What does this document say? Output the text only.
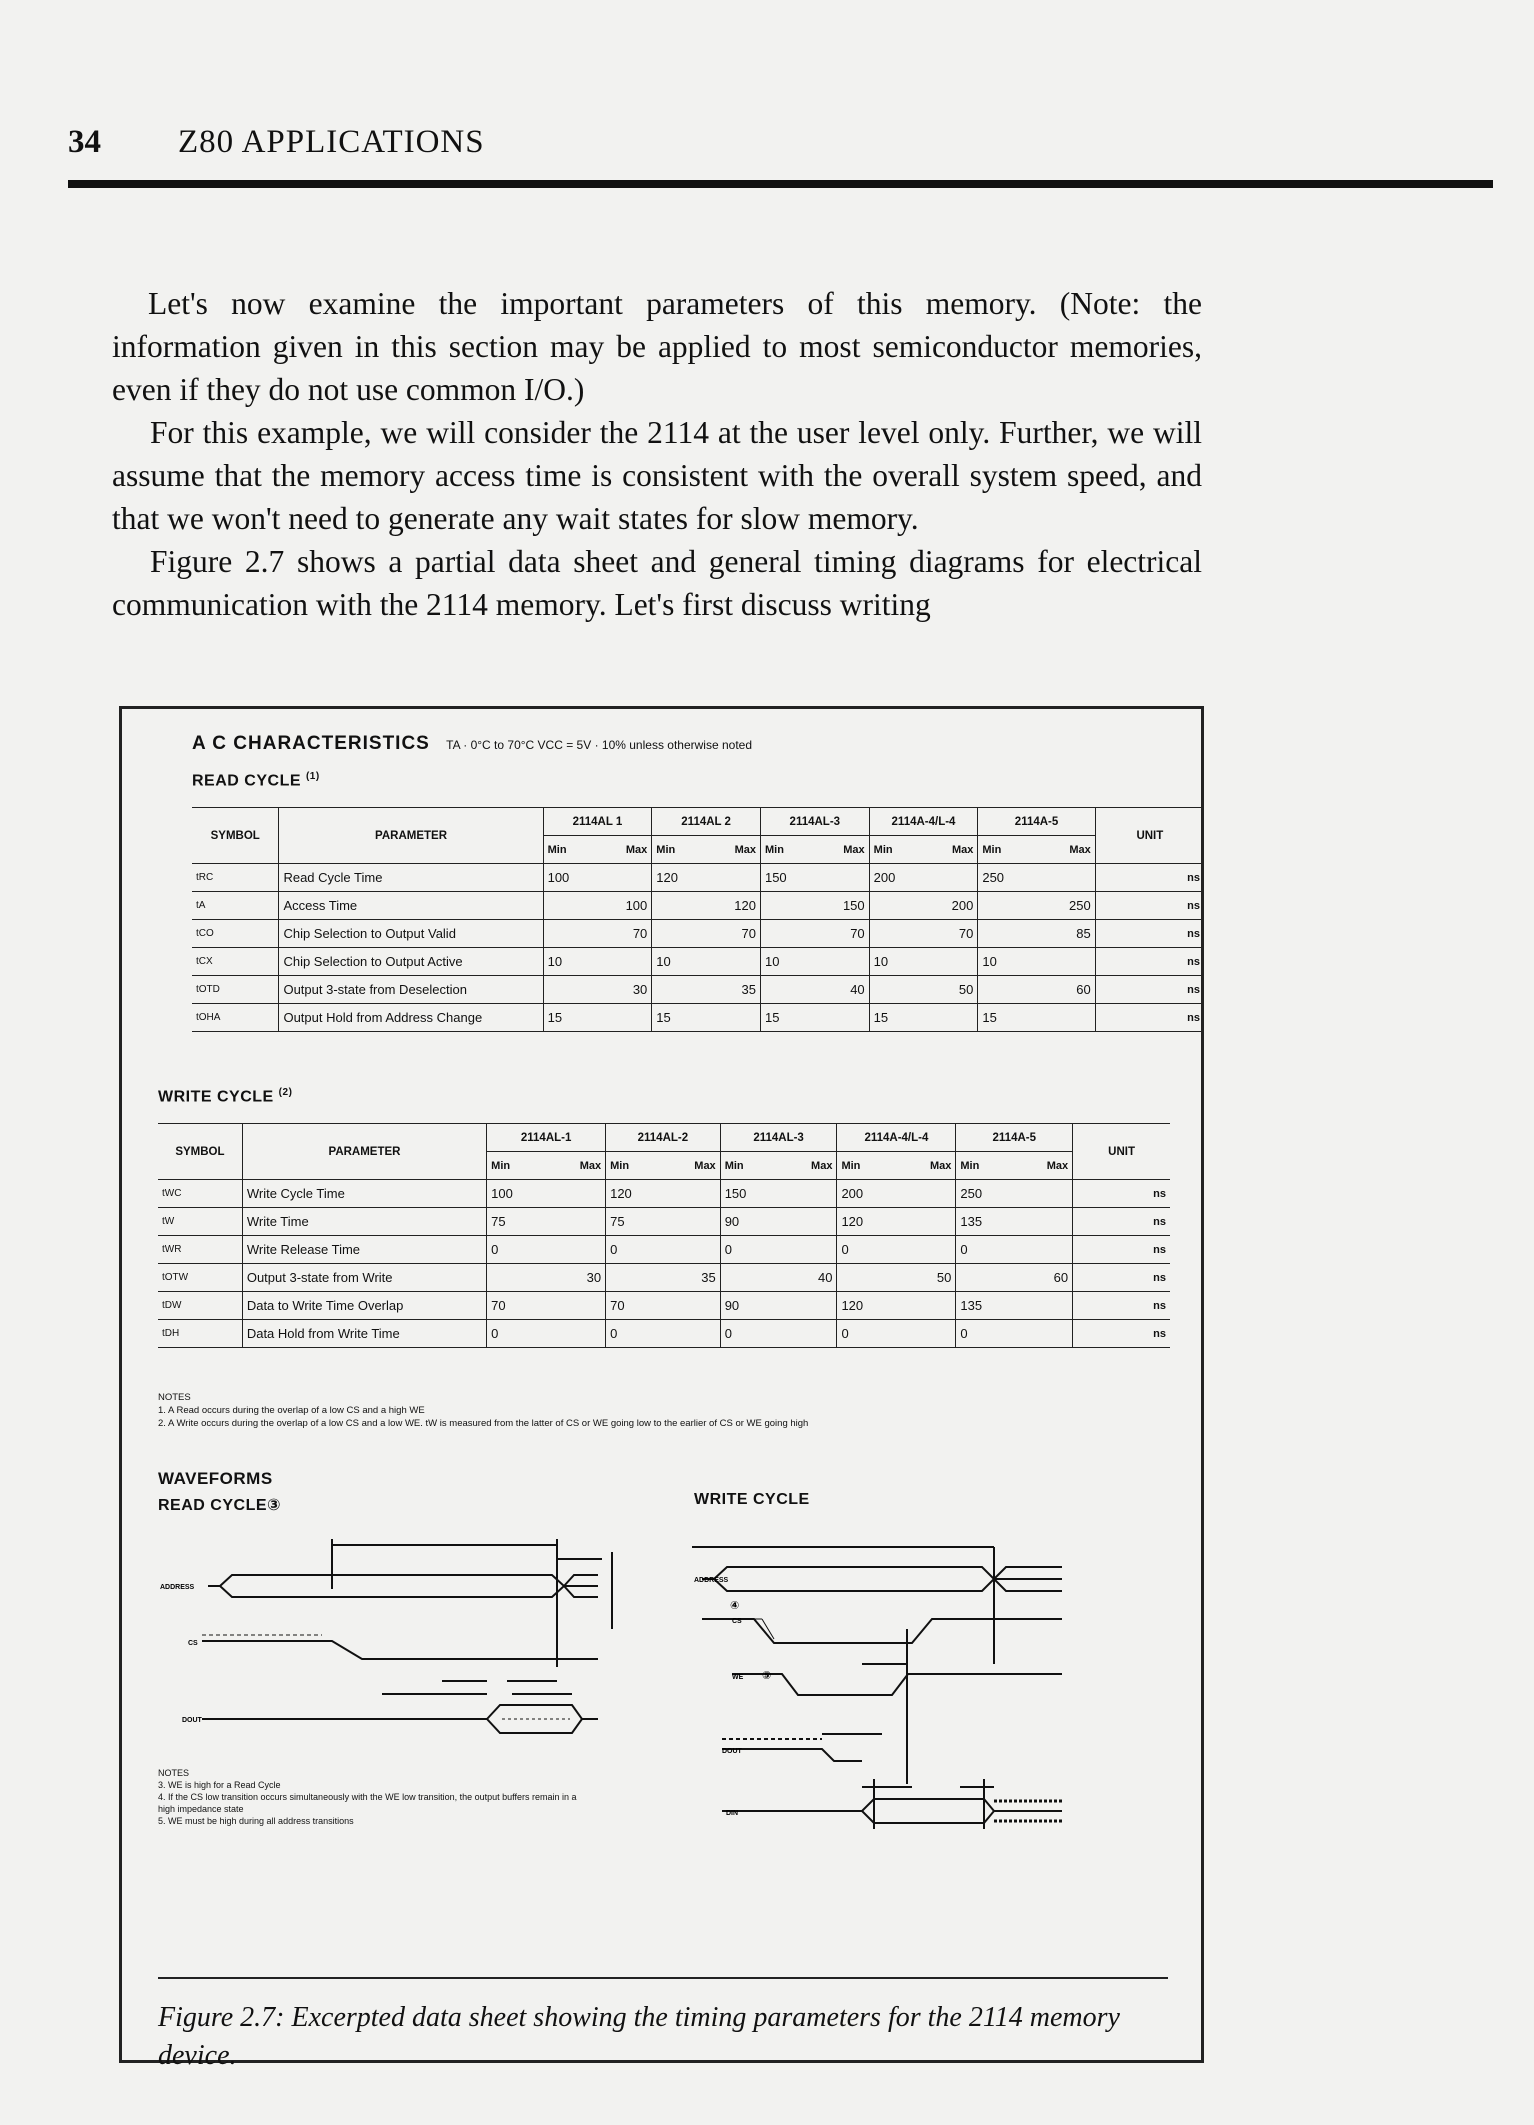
34 Z80 APPLICATIONS

Let's now examine the important parameters of this memory. (Note: the information given in this section may be applied to most semiconductor memories, even if they do not use common I/O.)

For this example, we will consider the 2114 at the user level only. Further, we will assume that the memory access time is consistent with the overall system speed, and that we won't need to generate any wait states for slow memory.

Figure 2.7 shows a partial data sheet and general timing diagrams for electrical communication with the 2114 memory. Let's first discuss writing

A C CHARACTERISTICS TA · 0°C to 70°C VCC = 5V · 10% unless otherwise noted
READ CYCLE $^{(1)}$
SYMBOL	PARAMETER	2114AL 1	2114AL 2	2114AL-3	2114A-4/L-4	2114A-5	UNIT

		Min Max	Min Max	Min Max	Min Max	Min Max	

tRC	Read Cycle Time	100	120	150	200	250	ns
tA	Access Time	100	120	150	200	250	ns
tCO	Chip Selection to Output Valid	70	70	70	70	85	ns
tCX	Chip Selection to Output Active	10	10	10	10	10	ns
tOTD	Output 3-state from Deselection	30	35	40	50	60	ns
tOHA	Output Hold from Address Change	15	15	15	15	15	ns
WRITE CYCLE $^{(2)}$
SYMBOL	PARAMETER	2114AL-1	2114AL-2	2114AL-3	2114A-4/L-4	2114A-5	UNIT

		Min Max	Min Max	Min Max	Min Max	Min Max	

tWC	Write Cycle Time	100	120	150	200	250	ns
tW	Write Time	75	75	90	120	135	ns
tWR	Write Release Time	0	0	0	0	0	ns
tOTW	Output 3-state from Write	30	35	40	50	60	ns
tDW	Data to Write Time Overlap	70	70	90	120	135	ns
tDH	Data Hold from Write Time	0	0	0	0	0	ns
NOTES
1. A Read occurs during the overlap of a low CS and a high WE
2. A Write occurs during the overlap of a low CS and a low WE. tW is measured from the latter of CS or WE going low to the earlier of CS or WE going high
WAVEFORMS
READ CYCLE③	WRITE CYCLE
ADDRESS
CS
DOUT
ADDRESS
④
CS
WE ⑤
DOUT
DIN
NOTES
3. WE is high for a Read Cycle
4. If the CS low transition occurs simultaneously with the WE low transition, the output buffers remain in a high impedance state
5. WE must be high during all address transitions
Figure 2.7: Excerpted data sheet showing the timing parameters for the 2114 memory device.
